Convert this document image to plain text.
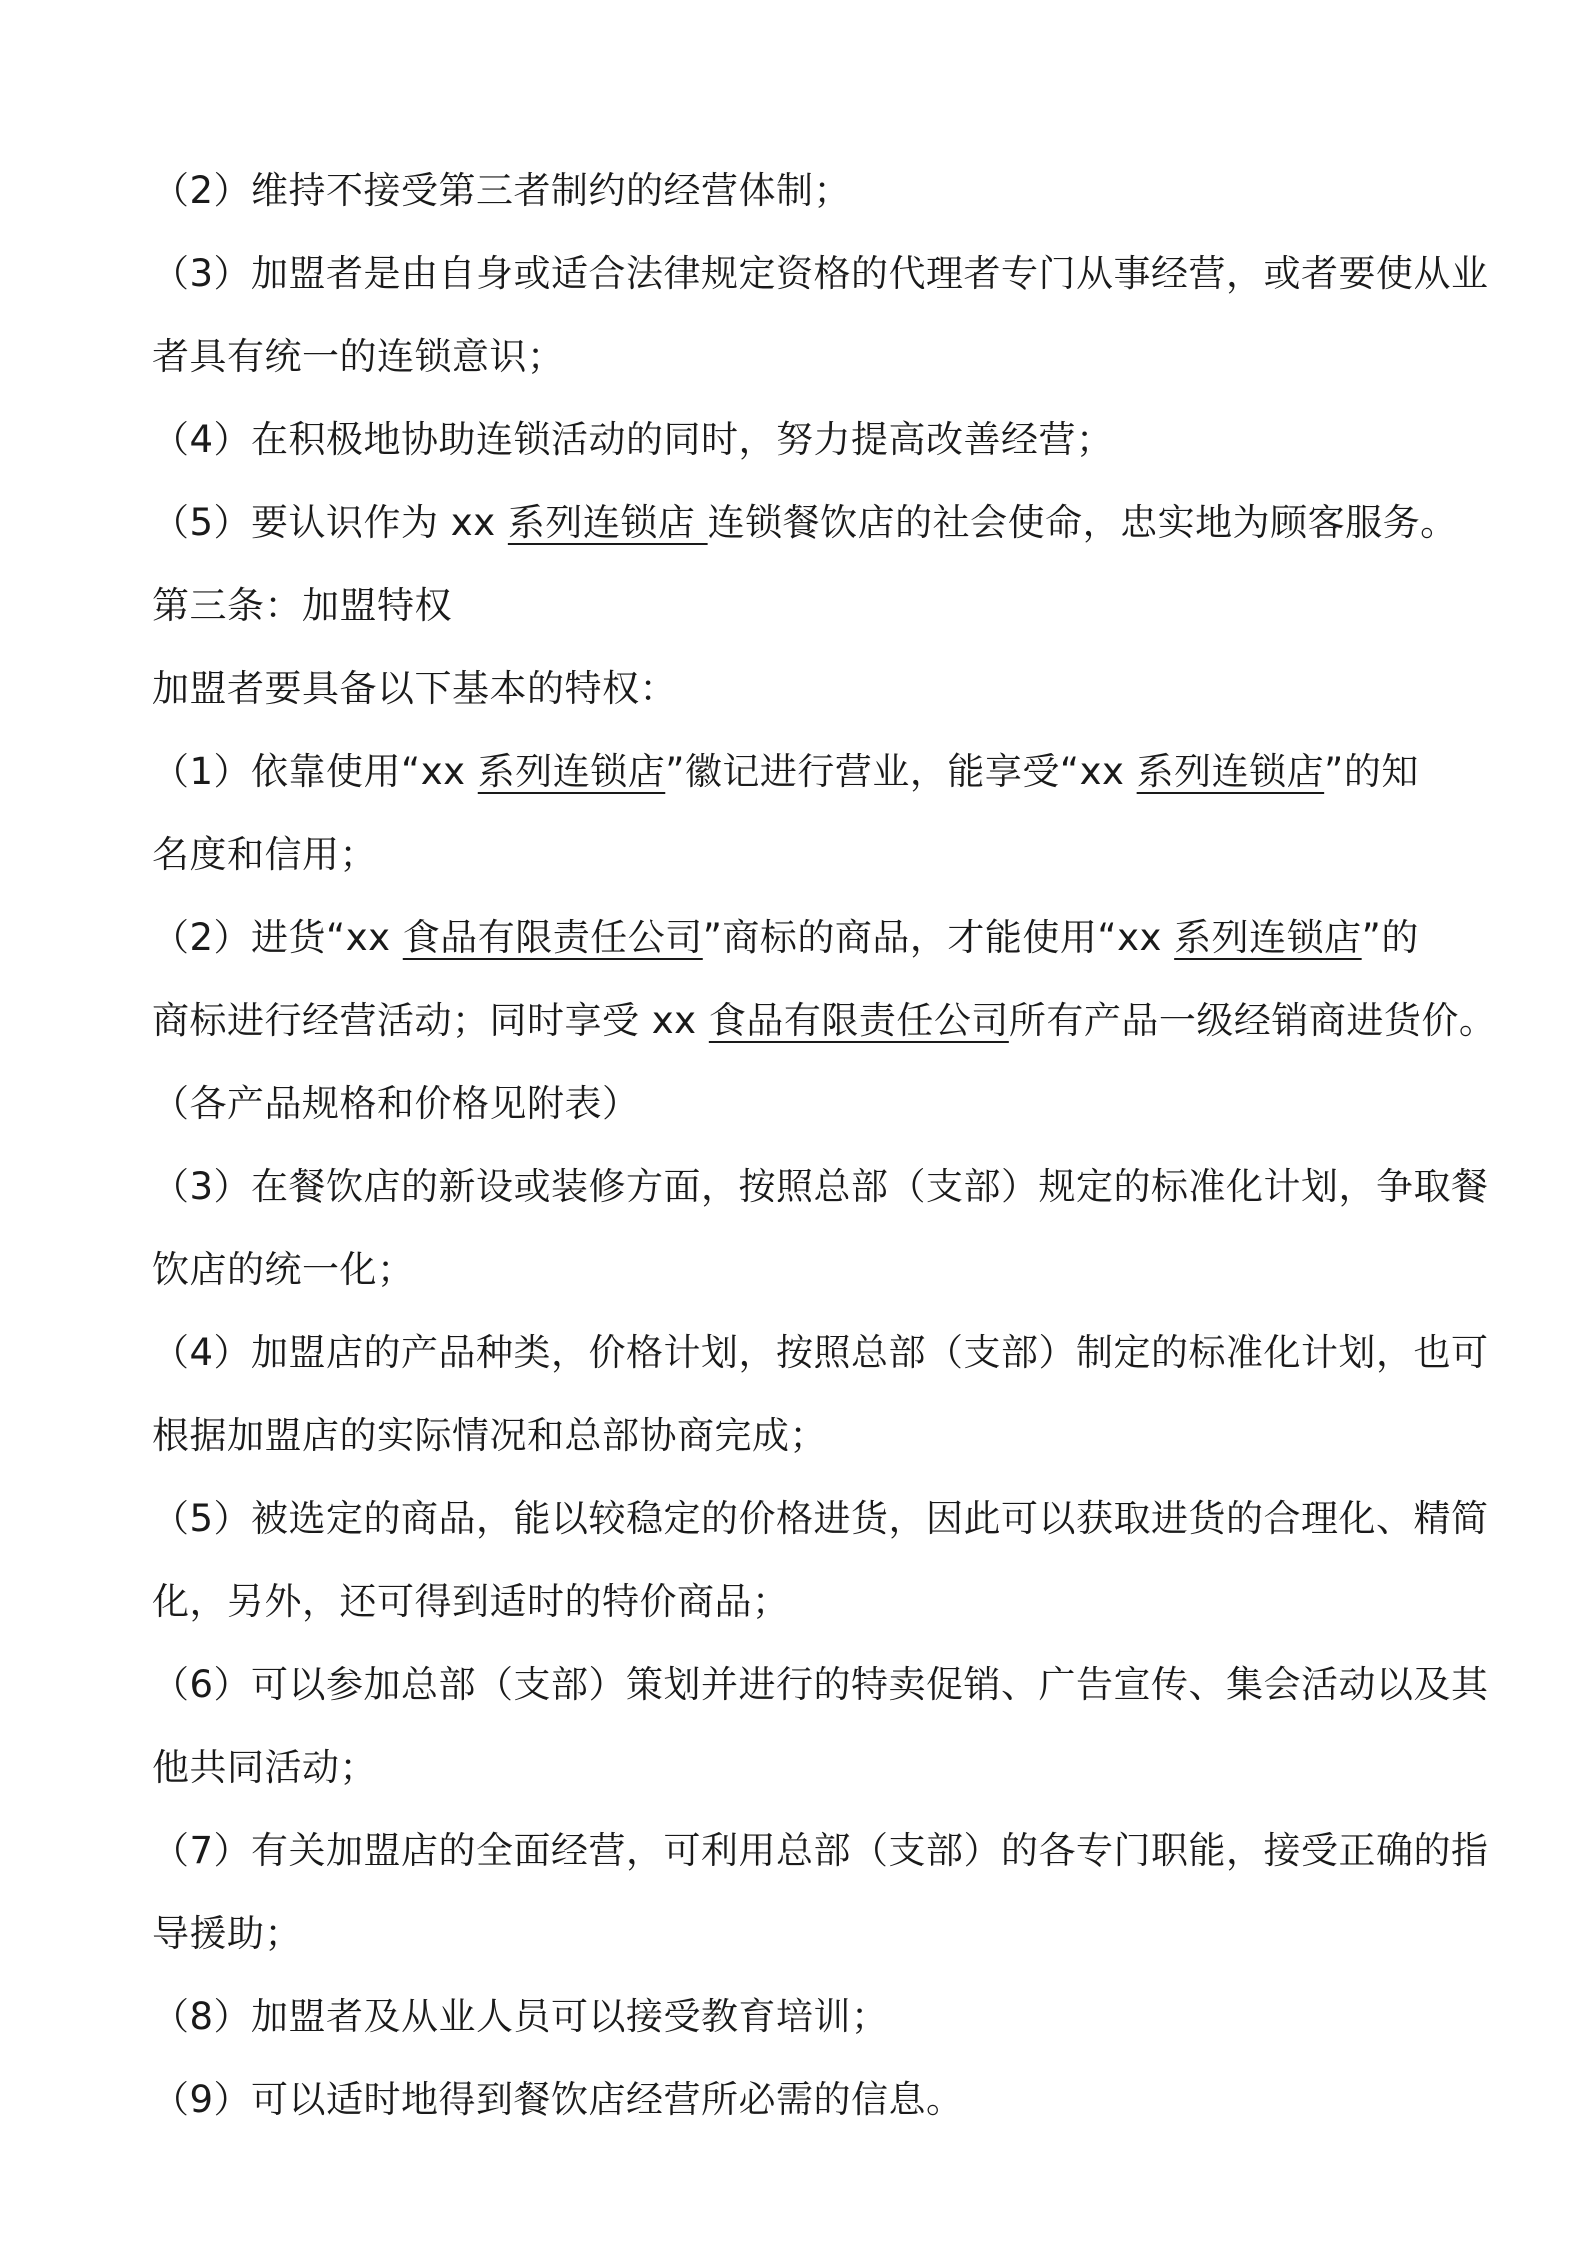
（2）维持不接受第三者制约的经营体制；
（3）加盟者是由自身或适合法律规定资格的代理者专门从事经营，或者要使从业
者具有统一的连锁意识；
（4）在积极地协助连锁活动的同时，努力提高改善经营；
（5）要认识作为 xx 系列连锁店 连锁餐饮店的社会使命，忠实地为顾客服务。
第三条：加盟特权
加盟者要具备以下基本的特权：
（1）依靠使用“xx 系列连锁店”徽记进行营业，能享受“xx 系列连锁店”的知
名度和信用；
（2）进货“xx 食品有限责任公司”商标的商品，才能使用“xx 系列连锁店”的
商标进行经营活动；同时享受 xx 食品有限责任公司所有产品一级经销商进货价。
（各产品规格和价格见附表）
（3）在餐饮店的新设或装修方面，按照总部（支部）规定的标准化计划，争取餐
饮店的统一化；
（4）加盟店的产品种类，价格计划，按照总部（支部）制定的标准化计划，也可
根据加盟店的实际情况和总部协商完成；
（5）被选定的商品，能以较稳定的价格进货，因此可以获取进货的合理化、精简
化，另外，还可得到适时的特价商品；
（6）可以参加总部（支部）策划并进行的特卖促销、广告宣传、集会活动以及其
他共同活动；
（7）有关加盟店的全面经营，可利用总部（支部）的各专门职能，接受正确的指
导援助；
（8）加盟者及从业人员可以接受教育培训；
（9）可以适时地得到餐饮店经营所必需的信息。
